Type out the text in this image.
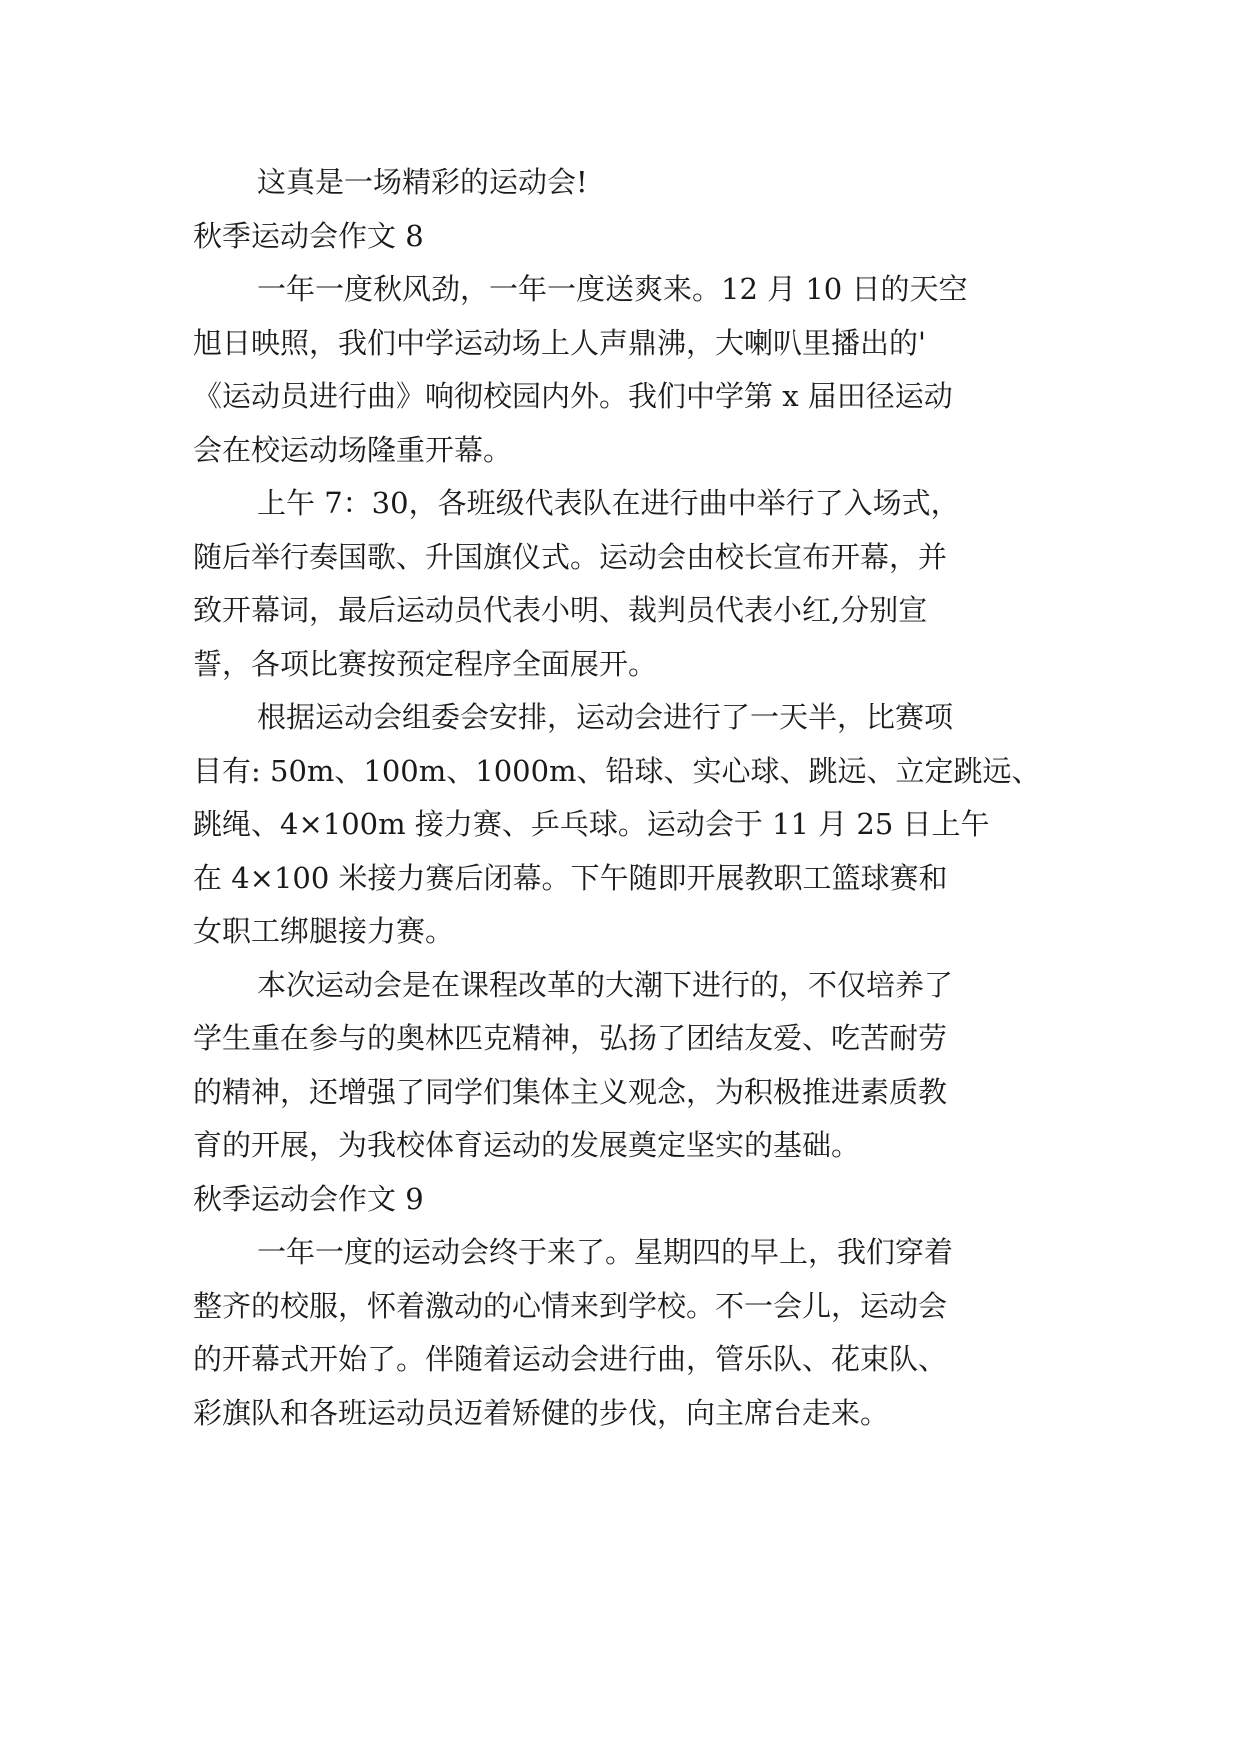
这真是一场精彩的运动会!
秋季运动会作文 8
一年一度秋风劲，一年一度送爽来。12 月 10 日的天空
旭日映照，我们中学运动场上人声鼎沸，大喇叭里播出的'
《运动员进行曲》响彻校园内外。我们中学第 x 届田径运动
会在校运动场隆重开幕。
上午 7：30，各班级代表队在进行曲中举行了入场式，
随后举行奏国歌、升国旗仪式。运动会由校长宣布开幕，并
致开幕词，最后运动员代表小明、裁判员代表小红,分别宣
誓，各项比赛按预定程序全面展开。
根据运动会组委会安排，运动会进行了一天半，比赛项
目有: 50m、100m、1000m、铅球、实心球、跳远、立定跳远、
跳绳、4×100m 接力赛、乒乓球。运动会于 11 月 25 日上午
在 4×100 米接力赛后闭幕。下午随即开展教职工篮球赛和
女职工绑腿接力赛。
本次运动会是在课程改革的大潮下进行的，不仅培养了
学生重在参与的奥林匹克精神，弘扬了团结友爱、吃苦耐劳
的精神，还增强了同学们集体主义观念，为积极推进素质教
育的开展，为我校体育运动的发展奠定坚实的基础。
秋季运动会作文 9
一年一度的运动会终于来了。星期四的早上，我们穿着
整齐的校服，怀着激动的心情来到学校。不一会儿，运动会
的开幕式开始了。伴随着运动会进行曲，管乐队、花束队、
彩旗队和各班运动员迈着矫健的步伐，向主席台走来。
